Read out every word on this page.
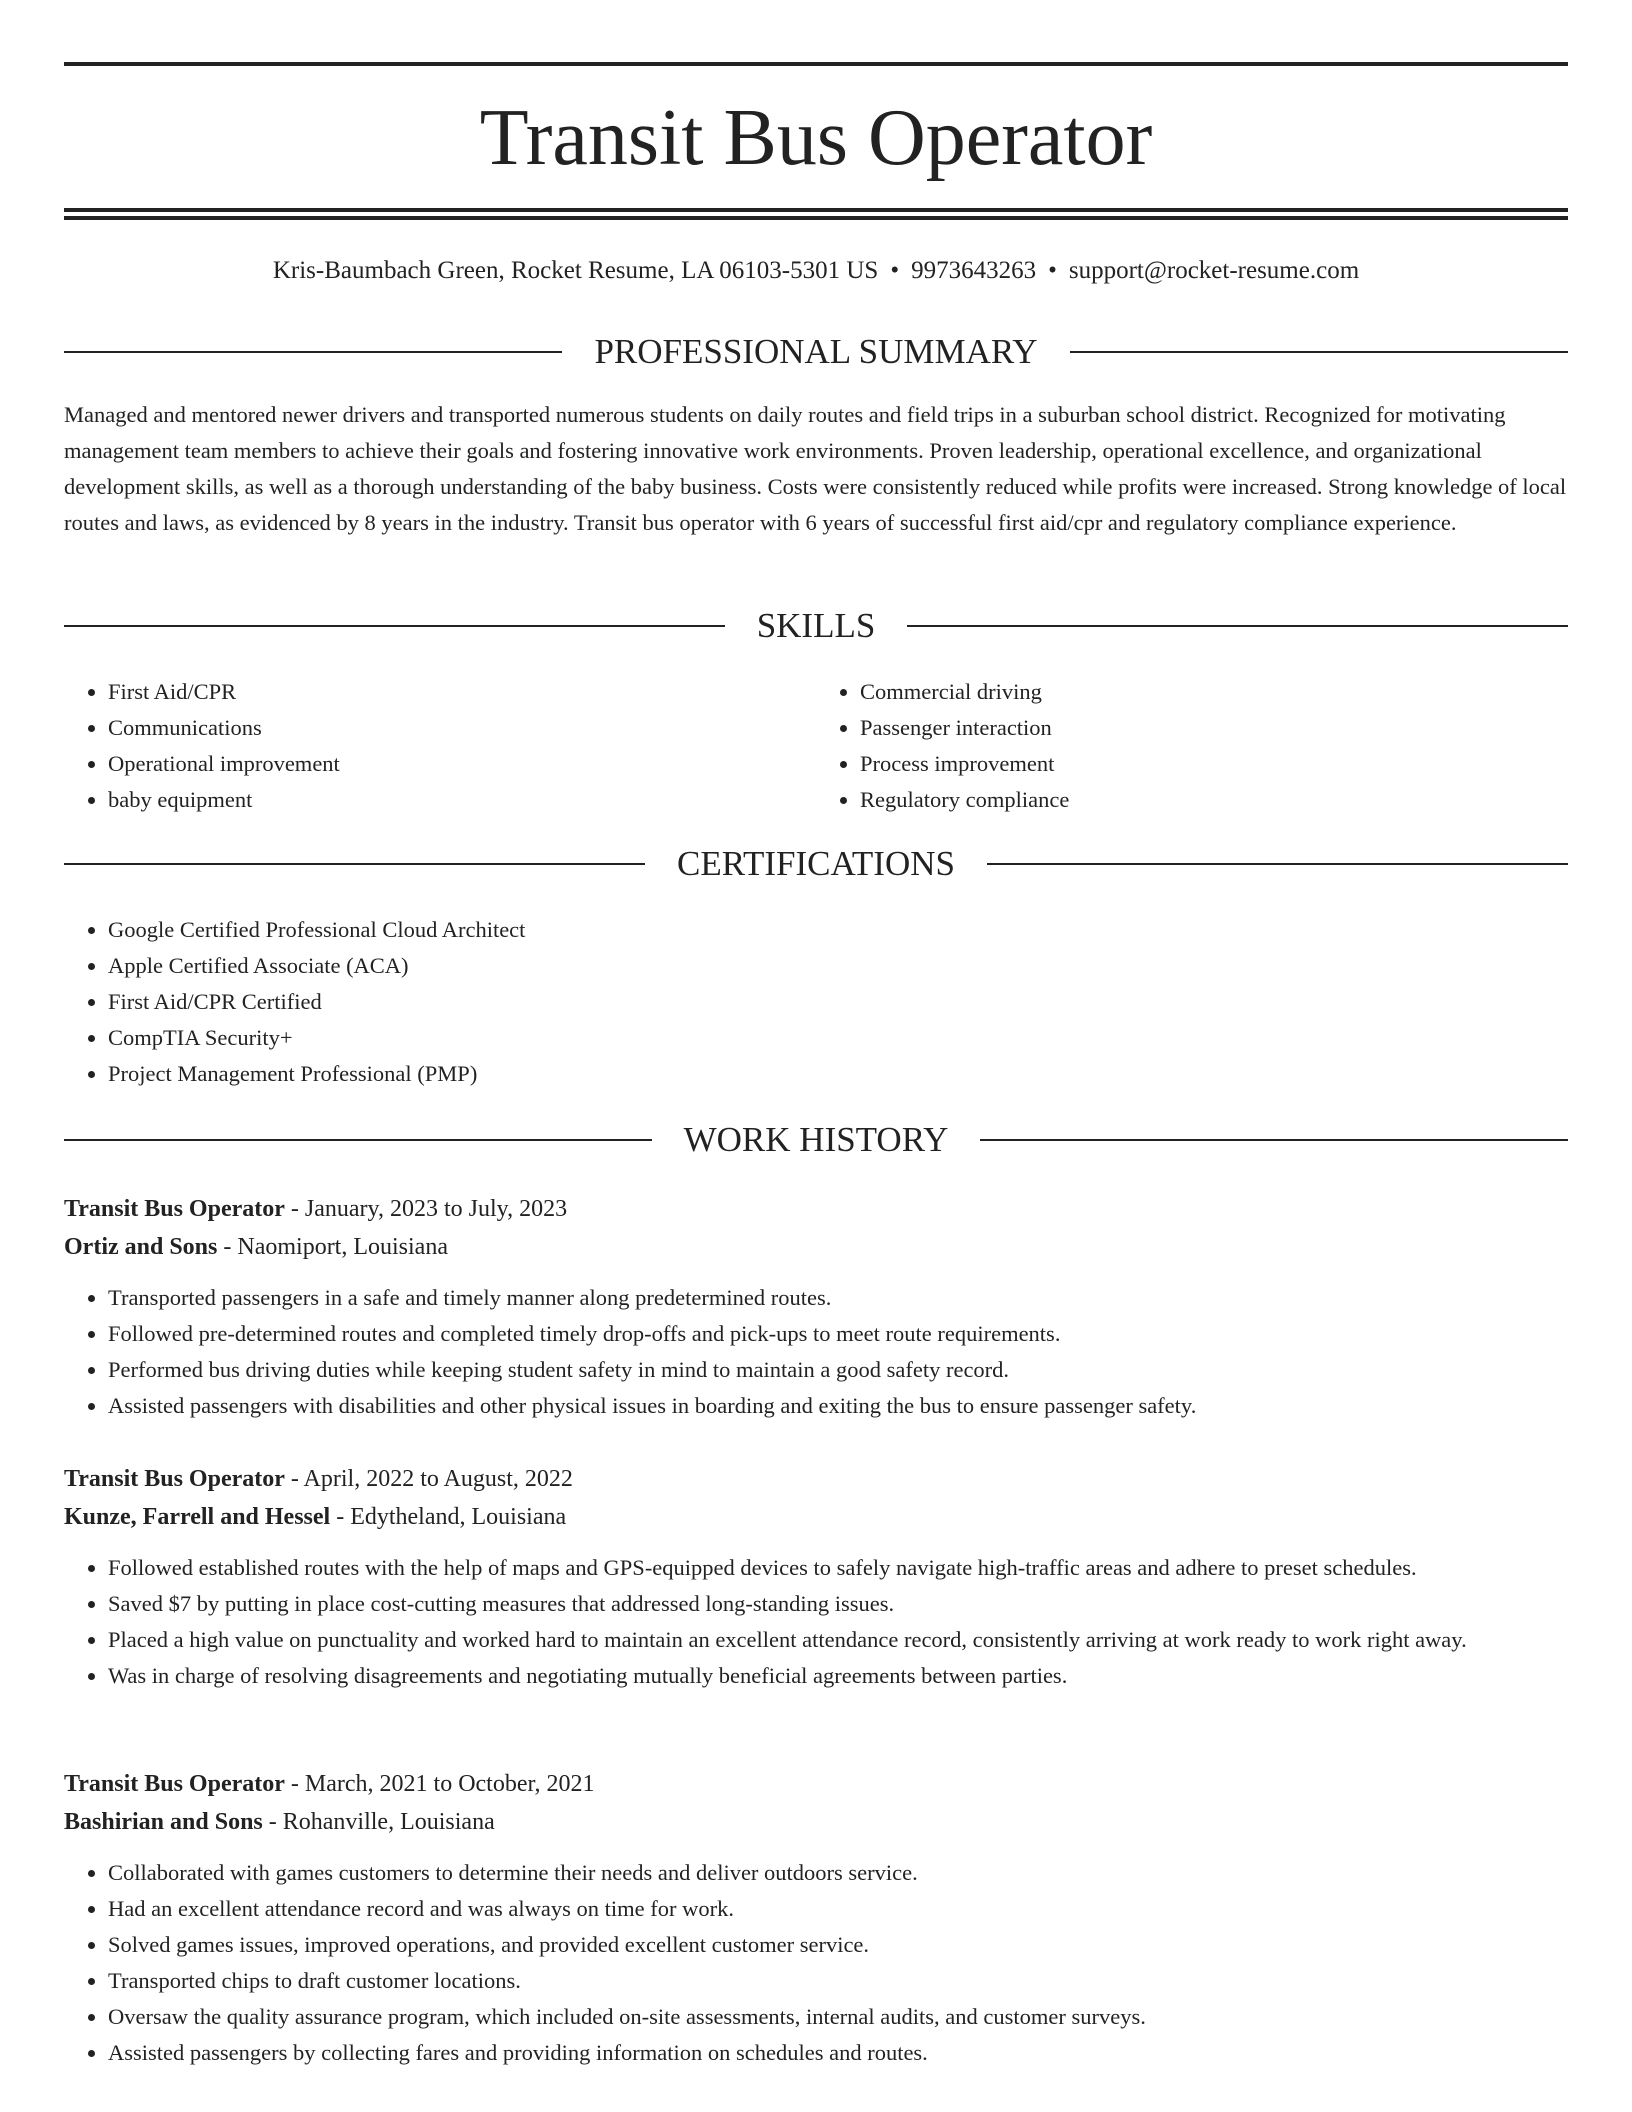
Transit Bus Operator
Kris-Baumbach Green, Rocket Resume, LA 06103-5301 US • 9973643263 • support@rocket-resume.com
PROFESSIONAL SUMMARY
Managed and mentored newer drivers and transported numerous students on daily routes and field trips in a suburban school district. Recognized for motivating management team members to achieve their goals and fostering innovative work environments. Proven leadership, operational excellence, and organizational development skills, as well as a thorough understanding of the baby business. Costs were consistently reduced while profits were increased. Strong knowledge of local routes and laws, as evidenced by 8 years in the industry. Transit bus operator with 6 years of successful first aid/cpr and regulatory compliance experience.
SKILLS
• First Aid/CPR
• Communications
• Operational improvement
• baby equipment
• Commercial driving
• Passenger interaction
• Process improvement
• Regulatory compliance
CERTIFICATIONS
• Google Certified Professional Cloud Architect
• Apple Certified Associate (ACA)
• First Aid/CPR Certified
• CompTIA Security+
• Project Management Professional (PMP)
WORK HISTORY
Transit Bus Operator - January, 2023 to July, 2023
Ortiz and Sons - Naomiport, Louisiana
• Transported passengers in a safe and timely manner along predetermined routes.
• Followed pre-determined routes and completed timely drop-offs and pick-ups to meet route requirements.
• Performed bus driving duties while keeping student safety in mind to maintain a good safety record.
• Assisted passengers with disabilities and other physical issues in boarding and exiting the bus to ensure passenger safety.
Transit Bus Operator - April, 2022 to August, 2022
Kunze, Farrell and Hessel - Edytheland, Louisiana
• Followed established routes with the help of maps and GPS-equipped devices to safely navigate high-traffic areas and adhere to preset schedules.
• Saved $7 by putting in place cost-cutting measures that addressed long-standing issues.
• Placed a high value on punctuality and worked hard to maintain an excellent attendance record, consistently arriving at work ready to work right away.
• Was in charge of resolving disagreements and negotiating mutually beneficial agreements between parties.
Transit Bus Operator - March, 2021 to October, 2021
Bashirian and Sons - Rohanville, Louisiana
• Collaborated with games customers to determine their needs and deliver outdoors service.
• Had an excellent attendance record and was always on time for work.
• Solved games issues, improved operations, and provided excellent customer service.
• Transported chips to draft customer locations.
• Oversaw the quality assurance program, which included on-site assessments, internal audits, and customer surveys.
• Assisted passengers by collecting fares and providing information on schedules and routes.
